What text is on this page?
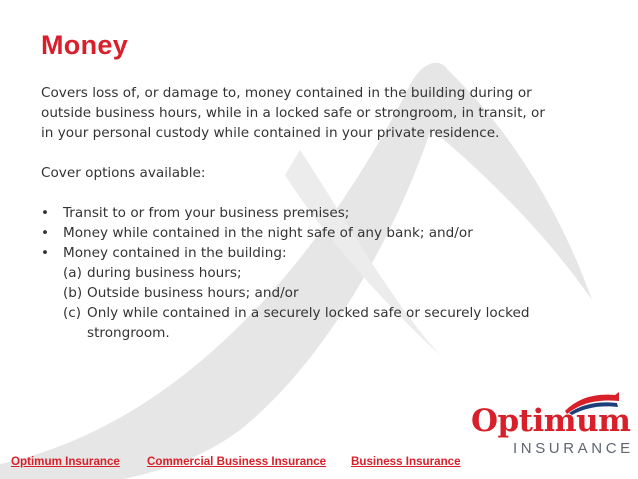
Money

Covers loss of, or damage to, money contained in the building during or

outside business hours, while in a locked safe or strongroom, in transit, or

in your personal custody while contained in your private residence.

Cover options available:

• Transit to or from your business premises;
• Money while contained in the night safe of any bank; and/or
• Money contained in the building:
(a) during business hours;
(b) Outside business hours; and/or
(c) Only while contained in a securely locked safe or securely locked strongroom.
Optimum Insurance Commercial Business Insurance Business Insurance
Optimum
INSURANCE
